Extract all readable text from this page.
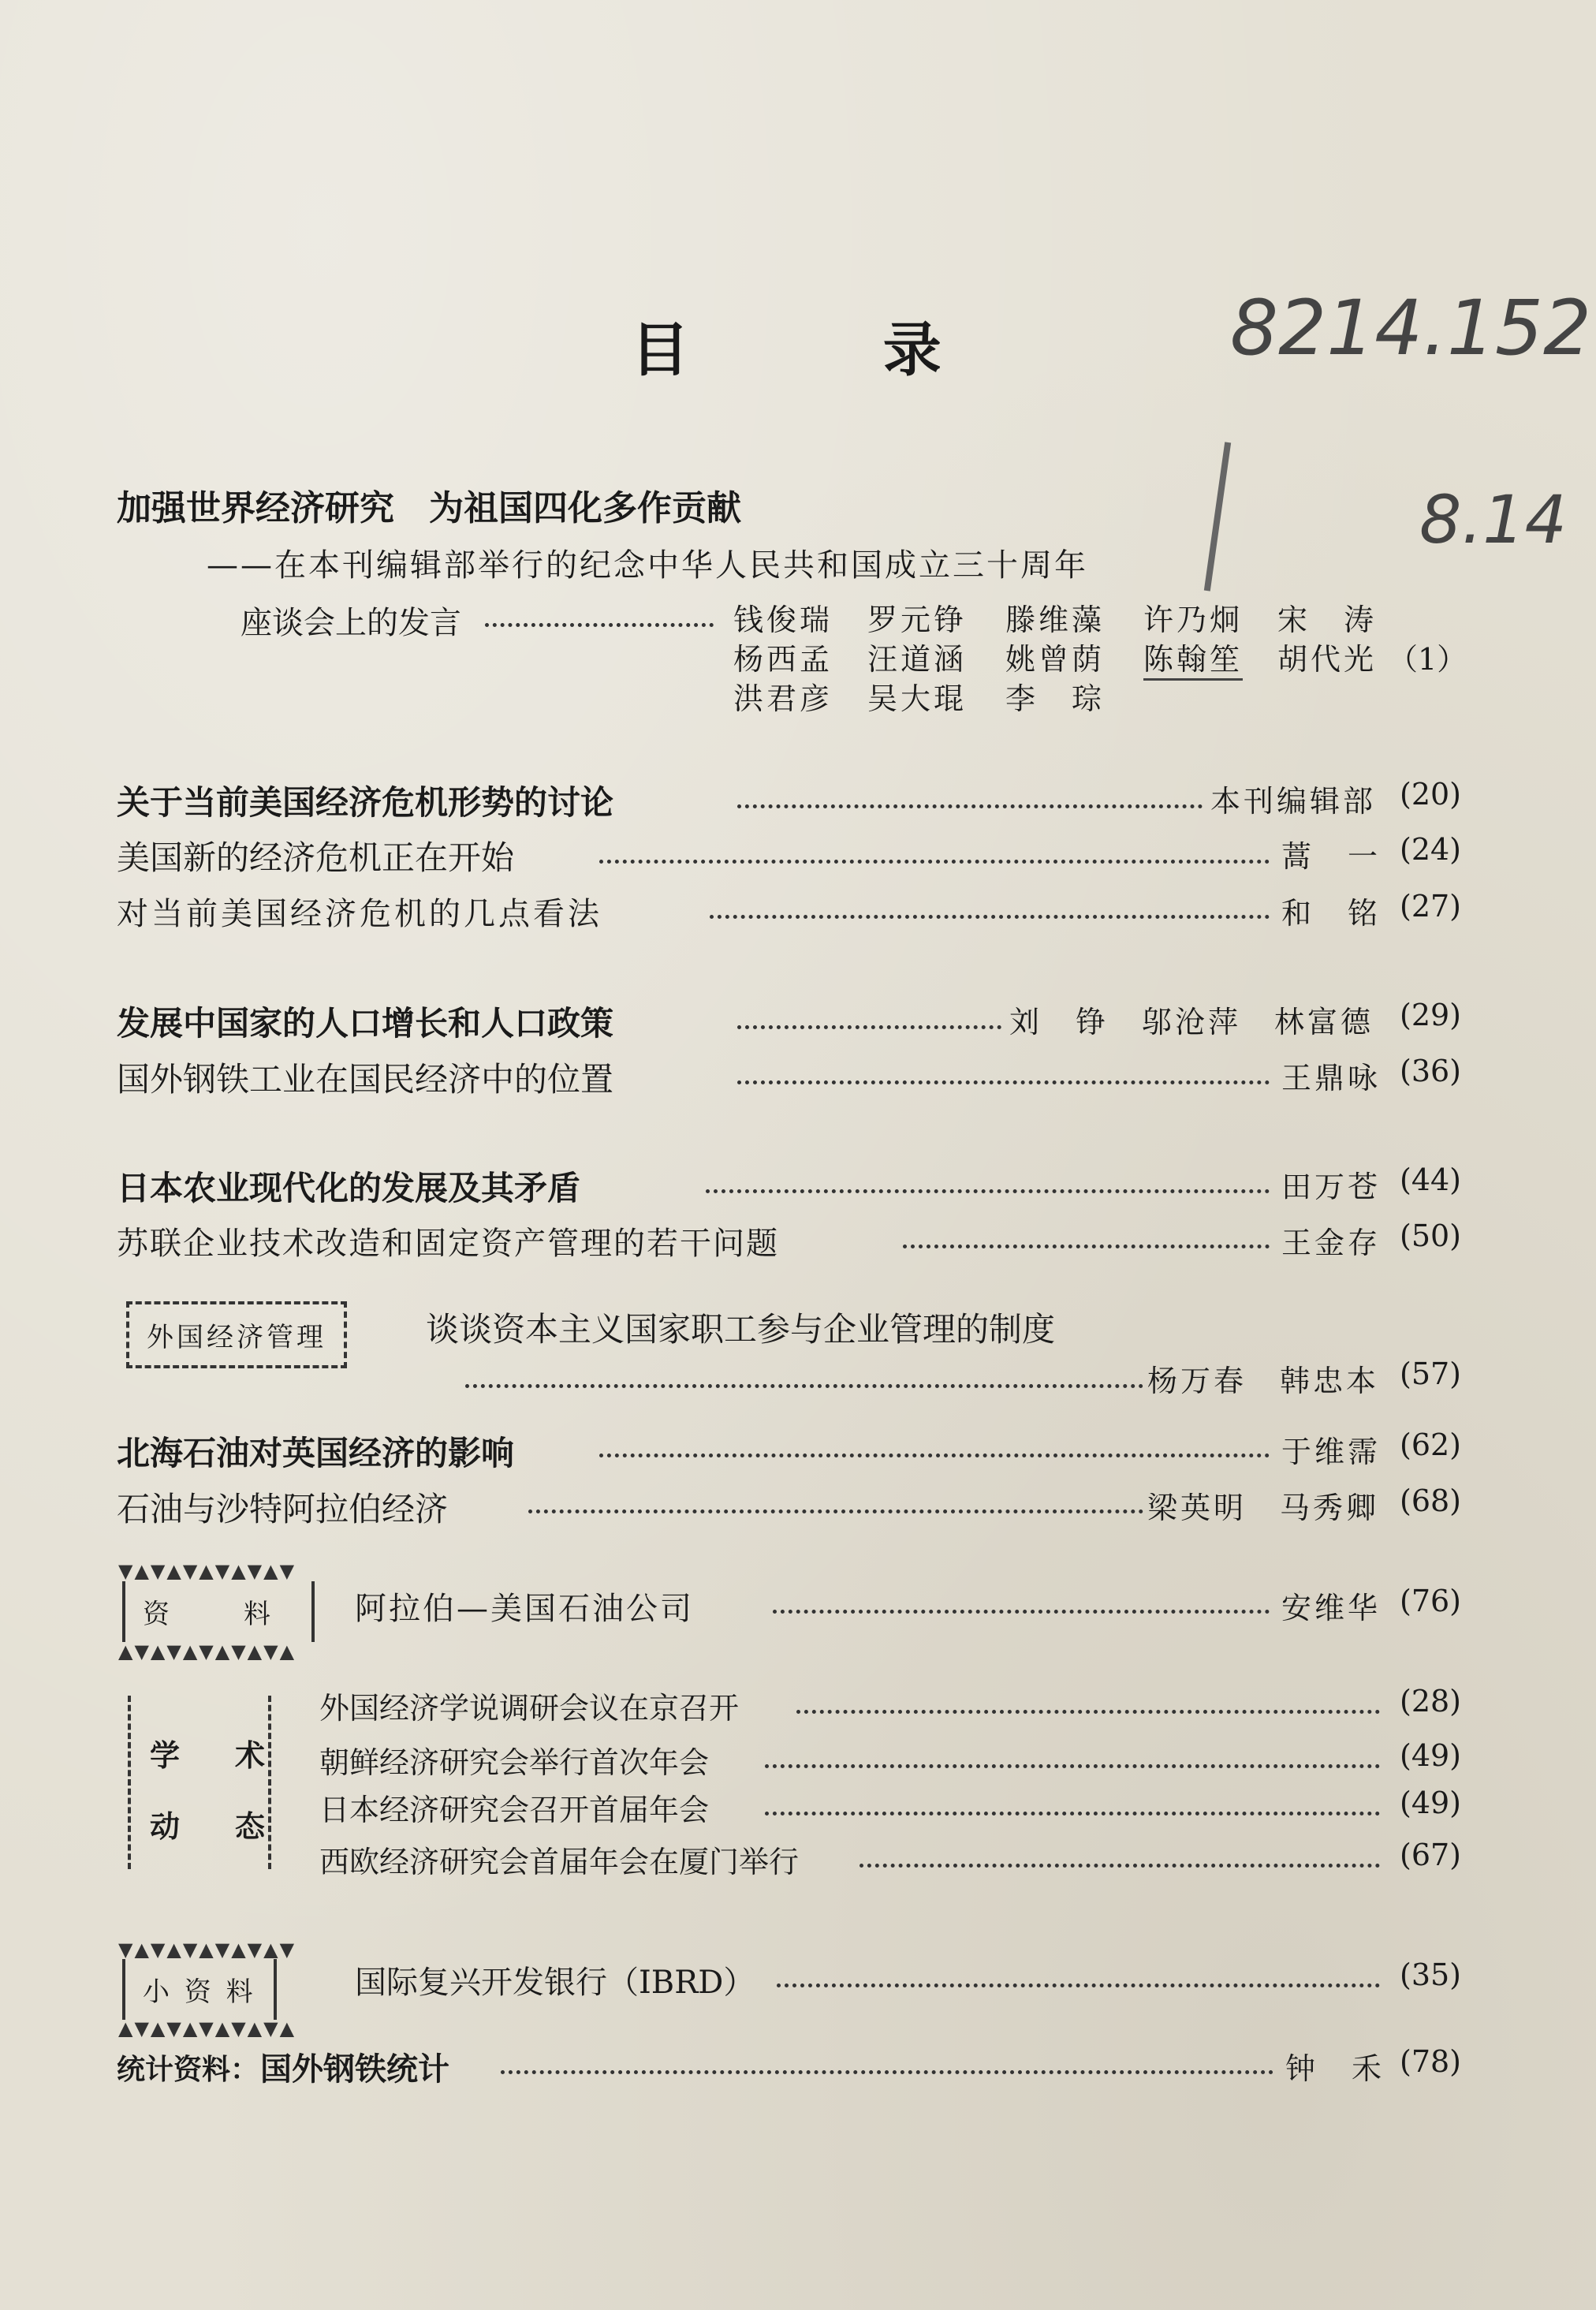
目 录	8214.152
8.14
加强世界经济研究　为祖国四化多作贡献
——在本刊编辑部举行的纪念中华人民共和国成立三十周年
座谈会上的发言	钱俊瑞 罗元铮 滕维藻 许乃炯 宋　涛
杨西孟 汪道涵 姚曾荫 陈翰笙 胡代光 （1）
洪君彦 吴大琨 李　琮
关于当前美国经济危机形势的讨论	本刊编辑部 (20)
美国新的经济危机正在开始	蒿　一 (24)
对当前美国经济危机的几点看法	和　铭 (27)
发展中国家的人口增长和人口政策	刘　铮　邬沧萍　林富德 (29)
国外钢铁工业在国民经济中的位置	王鼎咏 (36)
日本农业现代化的发展及其矛盾	田万苍 (44)
苏联企业技术改造和固定资产管理的若干问题	王金存 (50)
外国经济管理	谈谈资本主义国家职工参与企业管理的制度
杨万春　韩忠本 (57)
北海石油对英国经济的影响	于维霈 (62)
石油与沙特阿拉伯经济	梁英明　马秀卿 (68)
▼▲▼▲▼▲▼▲▼▲▼
资　料
▲▼▲▼▲▼▲▼▲▼▲
阿拉伯—美国石油公司	安维华 (76)
学　术
动　态
外国经济学说调研会议在京召开	(28)
朝鲜经济研究会举行首次年会	(49)
日本经济研究会召开首届年会	(49)
西欧经济研究会首届年会在厦门举行	(67)
▼▲▼▲▼▲▼▲▼▲▼
小 资 料
▲▼▲▼▲▼▲▼▲▼▲
国际复兴开发银行（IBRD）	(35)
统计资料： 国外钢铁统计	钟　禾 (78)
